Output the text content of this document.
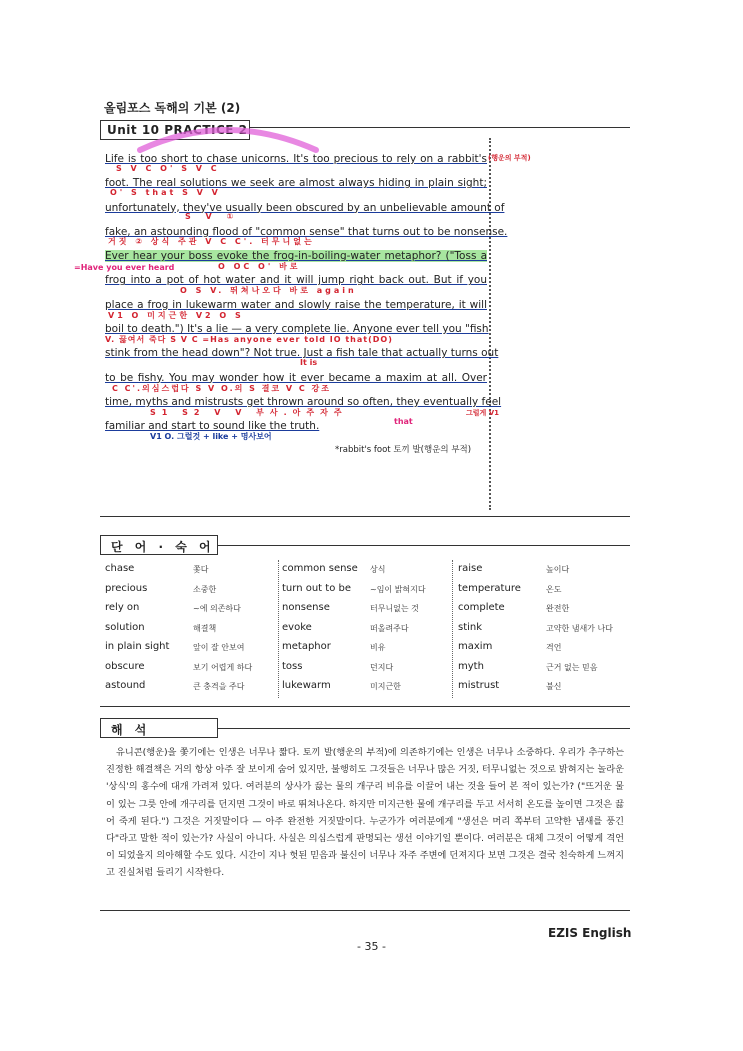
올림포스 독해의 기본 (2)
Unit 10 PRACTICE 2
Life is too short to chase unicorns. It's too precious to rely on a rabbit's
foot. The real solutions we seek are almost always hiding in plain sight;
unfortunately, they've usually been obscured by an unbelievable amount of
fake, an astounding flood of "common sense" that turns out to be nonsense.
Ever hear your boss evoke the frog-in-boiling-water metaphor? ("Toss a
frog into a pot of hot water and it will jump right back out. But if you
place a frog in lukewarm water and slowly raise the temperature, it will
boil to death.") It's a lie — a very complete lie. Anyone ever tell you "fish
stink from the head down"? Not true. Just a fish tale that actually turns out
to be fishy. You may wonder how it ever became a maxim at all. Over
time, myths and mistrusts get thrown around so often, they eventually feel
familiar and start to sound like the truth.
(행운의 부적)
S V C O' S V C
O' S that S V V
S V ①
거짓 ② 상식 주관 V C C'. 터무니없는
=Have you ever heard	O OC O' 바로
O S V. 뛰쳐나오다 바로 again
V1 O 미지근한 V2 O S
V. 끓여서 죽다 S V C =Has anyone ever told IO that(DO)
It is
C C'.의심스럽다 S V O.의 S 결코 V C 강조
S1 S2 V V 부사.아주자주
that
V1 O. 그럴것 + like + 명사보어
그럴게 V1
*rabbit's foot 토끼 발(행운의 부적)
단 어 · 숙 어
chase	쫓다
precious	소중한
rely on	~에 의존하다
solution	해결책
in plain sight	앞이 잘 안보여
obscure	보기 어렵게 하다
astound	큰 충격을 주다
common sense 상식
turn out to be ~임이 밝혀지다
nonsense	터무니없는 것
evoke	떠올려주다
metaphor	비유
toss	던지다
lukewarm	미지근한
raise	높이다
temperature	온도
complete	완전한
stink	고약한 냄새가 나다
maxim	격언
myth	근거 없는 믿음
mistrust	불신
해 석
유니콘(행운)을 쫓기에는 인생은 너무나 짧다. 토끼 발(행운의 부적)에 의존하기에는 인생은 너무나 소중하다. 우리가 추구하는 진정한 해결책은 거의 항상 아주 잘 보이게 숨어 있지만, 불행히도 그것들은 너무나 많은 거짓, 터무니없는 것으로 밝혀지는 놀라운 '상식'의 홍수에 대개 가려져 있다. 여러분의 상사가 끓는 물의 개구리 비유를 이끌어 내는 것을 들어 본 적이 있는가? ("뜨거운 물이 있는 그릇 안에 개구리를 던지면 그것이 바로 뛰쳐나온다. 하지만 미지근한 물에 개구리를 두고 서서히 온도를 높이면 그것은 끓어 죽게 된다.") 그것은 거짓말이다 — 아주 완전한 거짓말이다. 누군가가 여러분에게 "생선은 머리 쪽부터 고약한 냄새를 풍긴다"라고 말한 적이 있는가? 사실이 아니다. 사실은 의심스럽게 판명되는 생선 이야기일 뿐이다. 여러분은 대체 그것이 어떻게 격언이 되었을지 의아해할 수도 있다. 시간이 지나 헛된 믿음과 불신이 너무나 자주 주변에 던져지다 보면 그것은 결국 친숙하게 느껴지고 진실처럼 들리기 시작한다.
EZIS English
- 35 -
